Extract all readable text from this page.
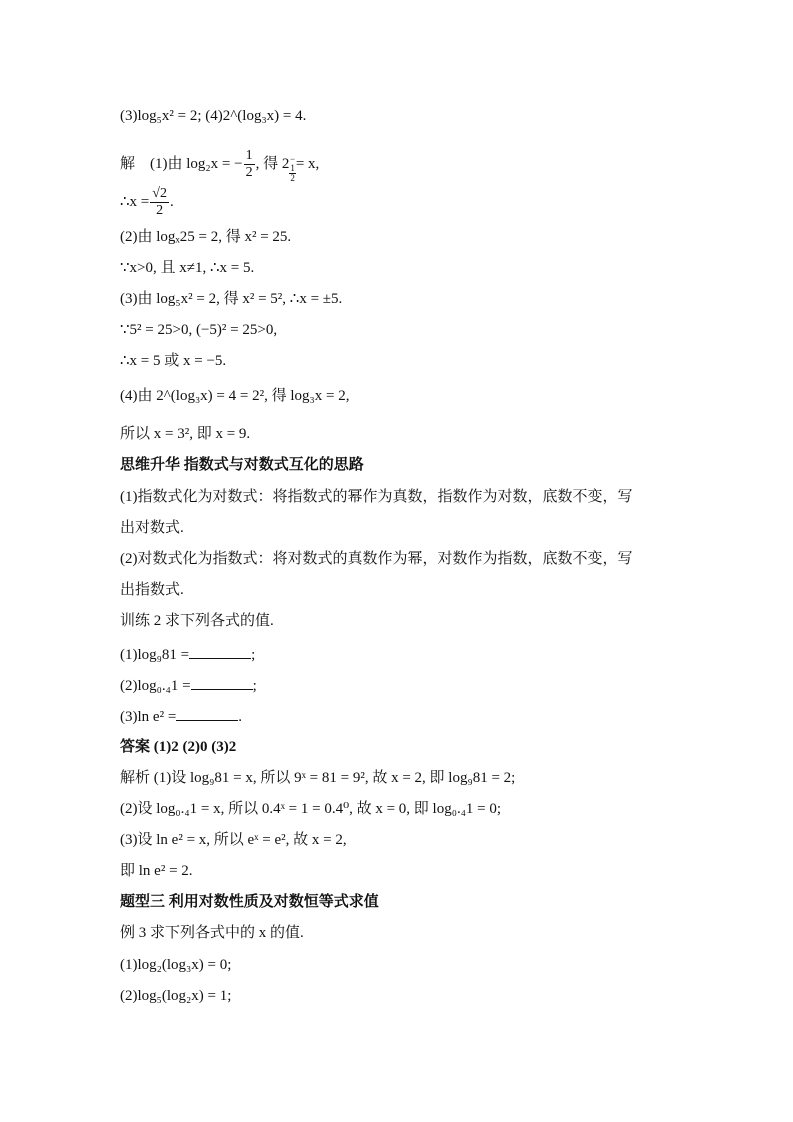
(3)log₅x² = 2; (4)2^(log₃x) = 4.
解 (1)由 log₂x = − $\frac{1}{2}$ , 得 2−
1
2
= x,
∴x = $\frac{√2}{2}$ .
(2)由 logₓ25 = 2, 得 x² = 25.
∵x>0, 且 x≠1, ∴x = 5.
(3)由 log₅x² = 2, 得 x² = 5², ∴x = ±5.
∵5² = 25>0, (−5)² = 25>0,
∴x = 5 或 x = −5.
(4)由 2^(log₃x) = 4 = 2², 得 log₃x = 2,
所以 x = 3², 即 x = 9.
思维升华 指数式与对数式互化的思路
(1)指数式化为对数式：将指数式的幂作为真数，指数作为对数，底数不变，写
出对数式.
(2)对数式化为指数式：将对数式的真数作为幂，对数作为指数，底数不变，写
出指数式.
训练 2 求下列各式的值.
(1)log₉81 =	;
(2)log₀.₄1 =	;
(3)ln e² =	.
答案 (1)2 (2)0 (3)2
解析 (1)设 log₉81 = x, 所以 9ˣ = 81 = 9², 故 x = 2, 即 log₉81 = 2;
(2)设 log₀.₄1 = x, 所以 0.4ˣ = 1 = 0.4⁰, 故 x = 0, 即 log₀.₄1 = 0;
(3)设 ln e² = x, 所以 eˣ = e², 故 x = 2,
即 ln e² = 2.
题型三 利用对数性质及对数恒等式求值
例 3 求下列各式中的 x 的值.
(1)log₂(log₃x) = 0;
(2)log₅(log₂x) = 1;
